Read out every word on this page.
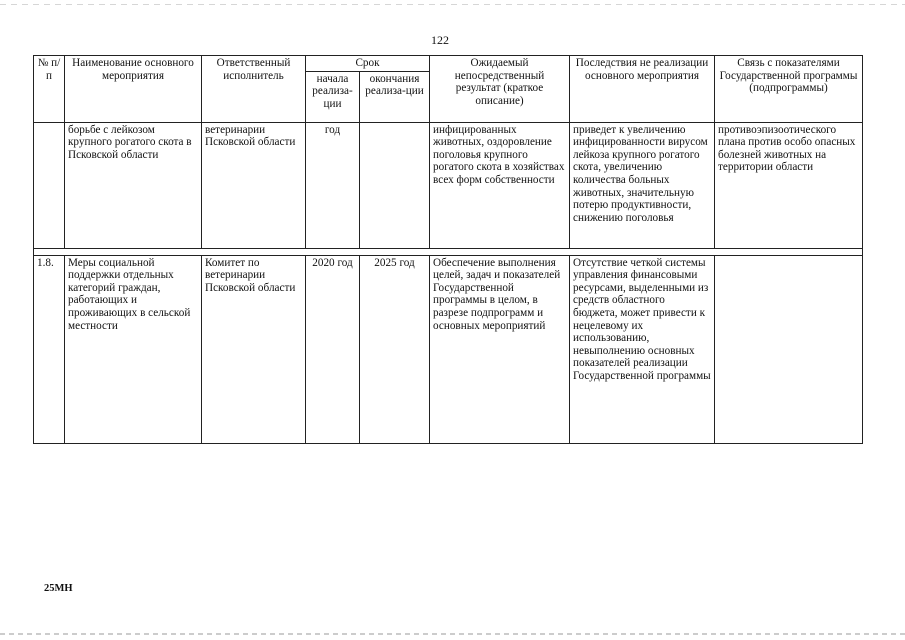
122
№ п/п	Наименование основного мероприятия	Ответственный исполнитель	Срок		Ожидаемый непосредственный результат (краткое описание)	Последствия не реализации основного мероприятия	Связь с показателями Государственной программы (подпрограммы)
			начала реализа-ции	окончания реализа-ции			
	борьбе с лейкозом крупного рогатого скота в Псковской области	ветеринарии Псковской области	год		инфицированных животных, оздоровление поголовья крупного рогатого скота в хозяйствах всех форм собственности	приведет к увеличению инфицированности вирусом лейкоза крупного рогатого скота, увеличению количества больных животных, значительную потерю продуктивности, снижению поголовья	противоэпизоотического плана против особо опасных болезней животных на территории области

1.8.	Меры социальной поддержки отдельных категорий граждан, работающих и проживающих в сельской местности	Комитет по ветеринарии Псковской области	2020 год	2025 год	Обеспечение выполнения целей, задач и показателей Государственной программы в целом, в разрезе подпрограмм и основных мероприятий	Отсутствие четкой системы управления финансовыми ресурсами, выделенными из средств областного бюджета, может привести к нецелевому их использованию, невыполнению основных показателей реализации Государственной программы	
25МН
